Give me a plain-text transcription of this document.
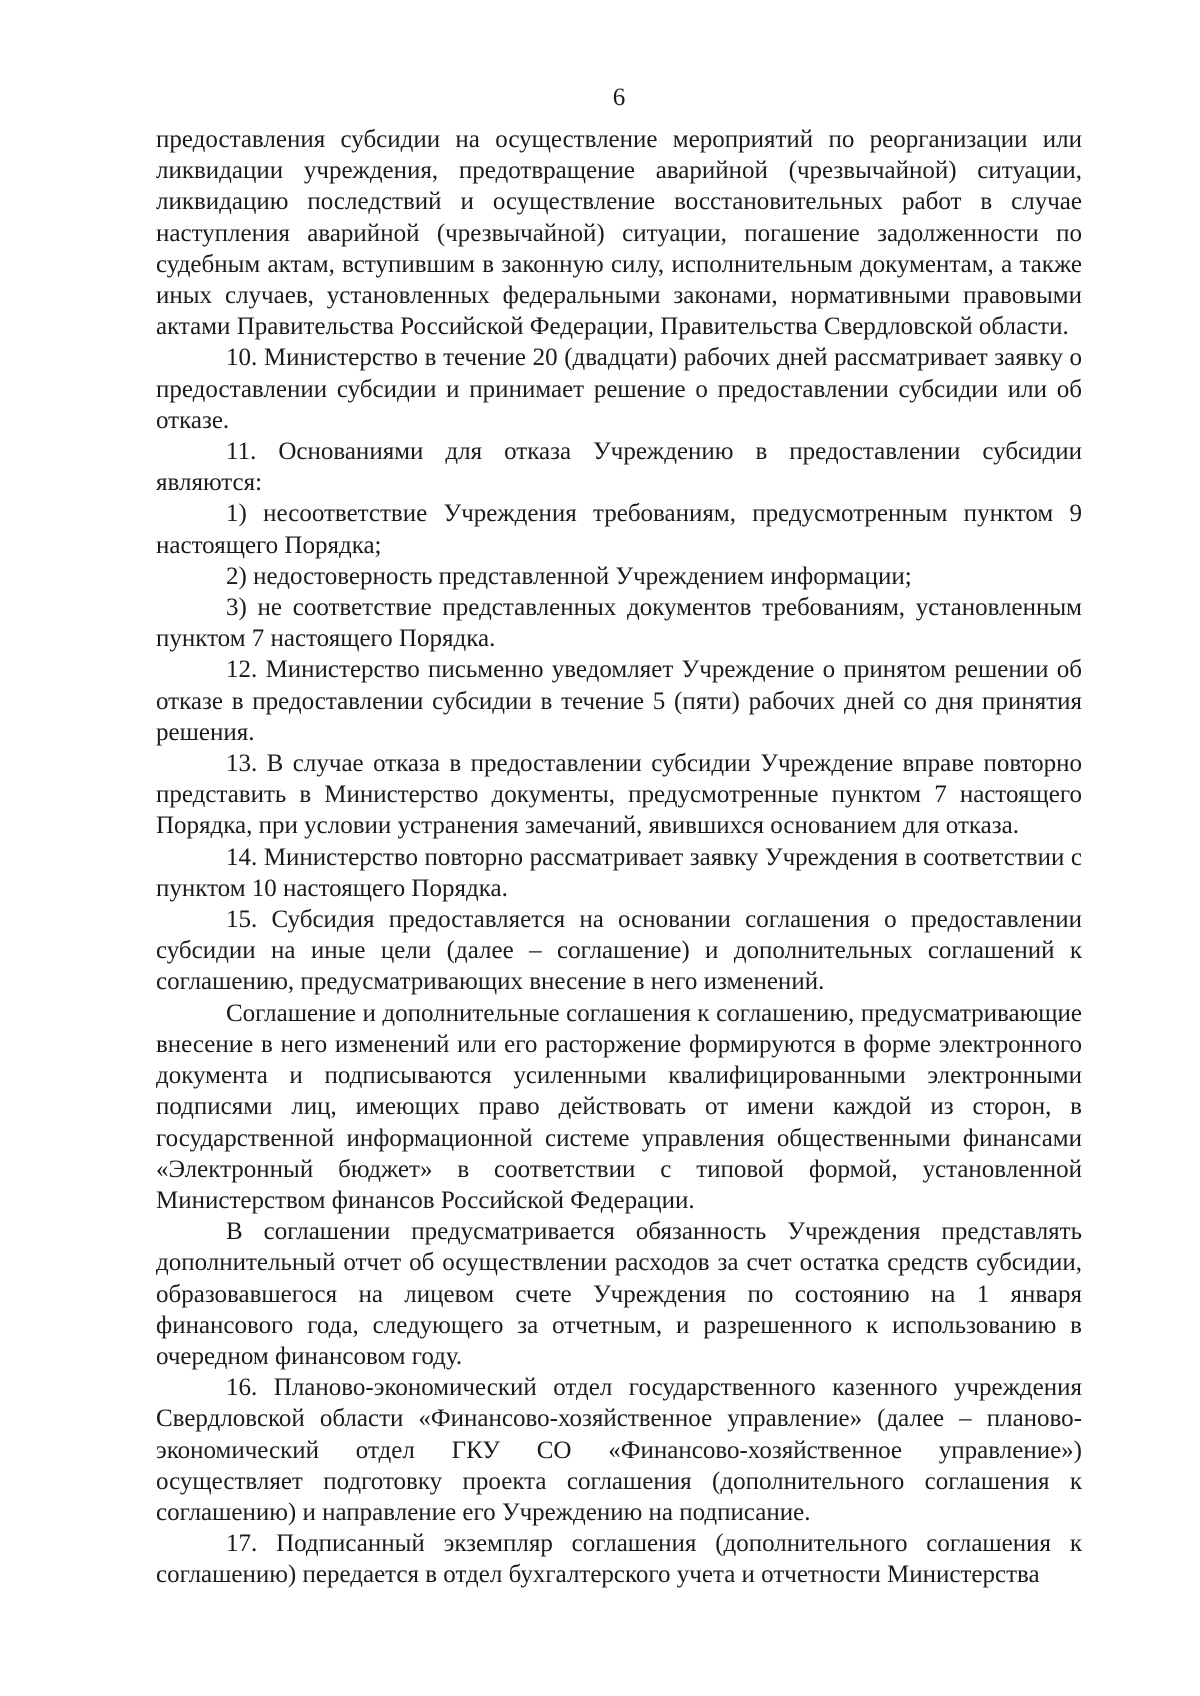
6

предоставления субсидии на осуществление мероприятий по реорганизации или ликвидации учреждения, предотвращение аварийной (чрезвычайной) ситуации, ликвидацию последствий и осуществление восстановительных работ в случае наступления аварийной (чрезвычайной) ситуации, погашение задолженности по судебным актам, вступившим в законную силу, исполнительным документам, а также иных случаев, установленных федеральными законами, нормативными правовыми актами Правительства Российской Федерации, Правительства Свердловской области.

10. Министерство в течение 20 (двадцати) рабочих дней рассматривает заявку о предоставлении субсидии и принимает решение о предоставлении субсидии или об отказе.

11. Основаниями для отказа Учреждению в предоставлении субсидии являются:

1) несоответствие Учреждения требованиям, предусмотренным пунктом 9 настоящего Порядка;

2) недостоверность представленной Учреждением информации;

3) не соответствие представленных документов требованиям, установленным пунктом 7 настоящего Порядка.

12. Министерство письменно уведомляет Учреждение о принятом решении об отказе в предоставлении субсидии в течение 5 (пяти) рабочих дней со дня принятия решения.

13. В случае отказа в предоставлении субсидии Учреждение вправе повторно представить в Министерство документы, предусмотренные пунктом 7 настоящего Порядка, при условии устранения замечаний, явившихся основанием для отказа.

14. Министерство повторно рассматривает заявку Учреждения в соответствии с пунктом 10 настоящего Порядка.

15. Субсидия предоставляется на основании соглашения о предоставлении субсидии на иные цели (далее – соглашение) и дополнительных соглашений к соглашению, предусматривающих внесение в него изменений.

Соглашение и дополнительные соглашения к соглашению, предусматривающие внесение в него изменений или его расторжение формируются в форме электронного документа и подписываются усиленными квалифицированными электронными подписями лиц, имеющих право действовать от имени каждой из сторон, в государственной информационной системе управления общественными финансами «Электронный бюджет» в соответствии с типовой формой, установленной Министерством финансов Российской Федерации.

В соглашении предусматривается обязанность Учреждения представлять дополнительный отчет об осуществлении расходов за счет остатка средств субсидии, образовавшегося на лицевом счете Учреждения по состоянию на 1 января финансового года, следующего за отчетным, и разрешенного к использованию в очередном финансовом году.

16. Планово-экономический отдел государственного казенного учреждения Свердловской области «Финансово-хозяйственное управление» (далее – планово-экономический отдел ГКУ СО «Финансово-хозяйственное управление») осуществляет подготовку проекта соглашения (дополнительного соглашения к соглашению) и направление его Учреждению на подписание.

17. Подписанный экземпляр соглашения (дополнительного соглашения к соглашению) передается в отдел бухгалтерского учета и отчетности Министерства
